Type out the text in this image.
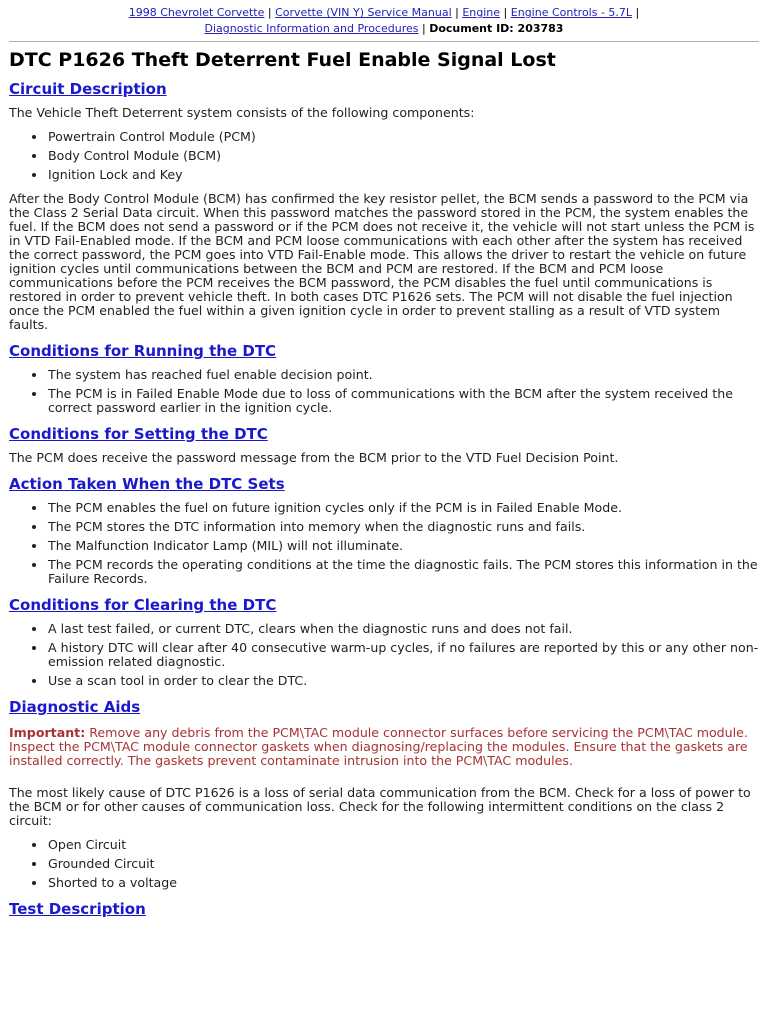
1998 Chevrolet Corvette | Corvette (VIN Y) Service Manual | Engine | Engine Controls - 5.7L |
Diagnostic Information and Procedures | Document ID: 203783
DTC P1626 Theft Deterrent Fuel Enable Signal Lost
Circuit Description

The Vehicle Theft Deterrent system consists of the following components:

• Powertrain Control Module (PCM)
• Body Control Module (BCM)
• Ignition Lock and Key

After the Body Control Module (BCM) has confirmed the key resistor pellet, the BCM sends a password to the PCM via the Class 2 Serial Data circuit. When this password matches the password stored in the PCM, the system enables the fuel. If the BCM does not send a password or if the PCM does not receive it, the vehicle will not start unless the PCM is in VTD Fail-Enabled mode. If the BCM and PCM loose communications with each other after the system has received the correct password, the PCM goes into VTD Fail-Enable mode. This allows the driver to restart the vehicle on future ignition cycles until communications between the BCM and PCM are restored. If the BCM and PCM loose communications before the PCM receives the BCM password, the PCM disables the fuel until communications is restored in order to prevent vehicle theft. In both cases DTC P1626 sets. The PCM will not disable the fuel injection once the PCM enabled the fuel within a given ignition cycle in order to prevent stalling as a result of VTD system faults.

Conditions for Running the DTC
• The system has reached fuel enable decision point.
• The PCM is in Failed Enable Mode due to loss of communications with the BCM after the system received the correct password earlier in the ignition cycle.
Conditions for Setting the DTC

The PCM does receive the password message from the BCM prior to the VTD Fuel Decision Point.

Action Taken When the DTC Sets
• The PCM enables the fuel on future ignition cycles only if the PCM is in Failed Enable Mode.
• The PCM stores the DTC information into memory when the diagnostic runs and fails.
• The Malfunction Indicator Lamp (MIL) will not illuminate.
• The PCM records the operating conditions at the time the diagnostic fails. The PCM stores this information in the Failure Records.
Conditions for Clearing the DTC
• A last test failed, or current DTC, clears when the diagnostic runs and does not fail.
• A history DTC will clear after 40 consecutive warm-up cycles, if no failures are reported by this or any other non-emission related diagnostic.
• Use a scan tool in order to clear the DTC.
Diagnostic Aids

Important: Remove any debris from the PCM\TAC module connector surfaces before servicing the PCM\TAC module. Inspect the PCM\TAC module connector gaskets when diagnosing/replacing the modules. Ensure that the gaskets are installed correctly. The gaskets prevent contaminate intrusion into the PCM\TAC modules.

The most likely cause of DTC P1626 is a loss of serial data communication from the BCM. Check for a loss of power to the BCM or for other causes of communication loss. Check for the following intermittent conditions on the class 2 circuit:

• Open Circuit
• Grounded Circuit
• Shorted to a voltage
Test Description
